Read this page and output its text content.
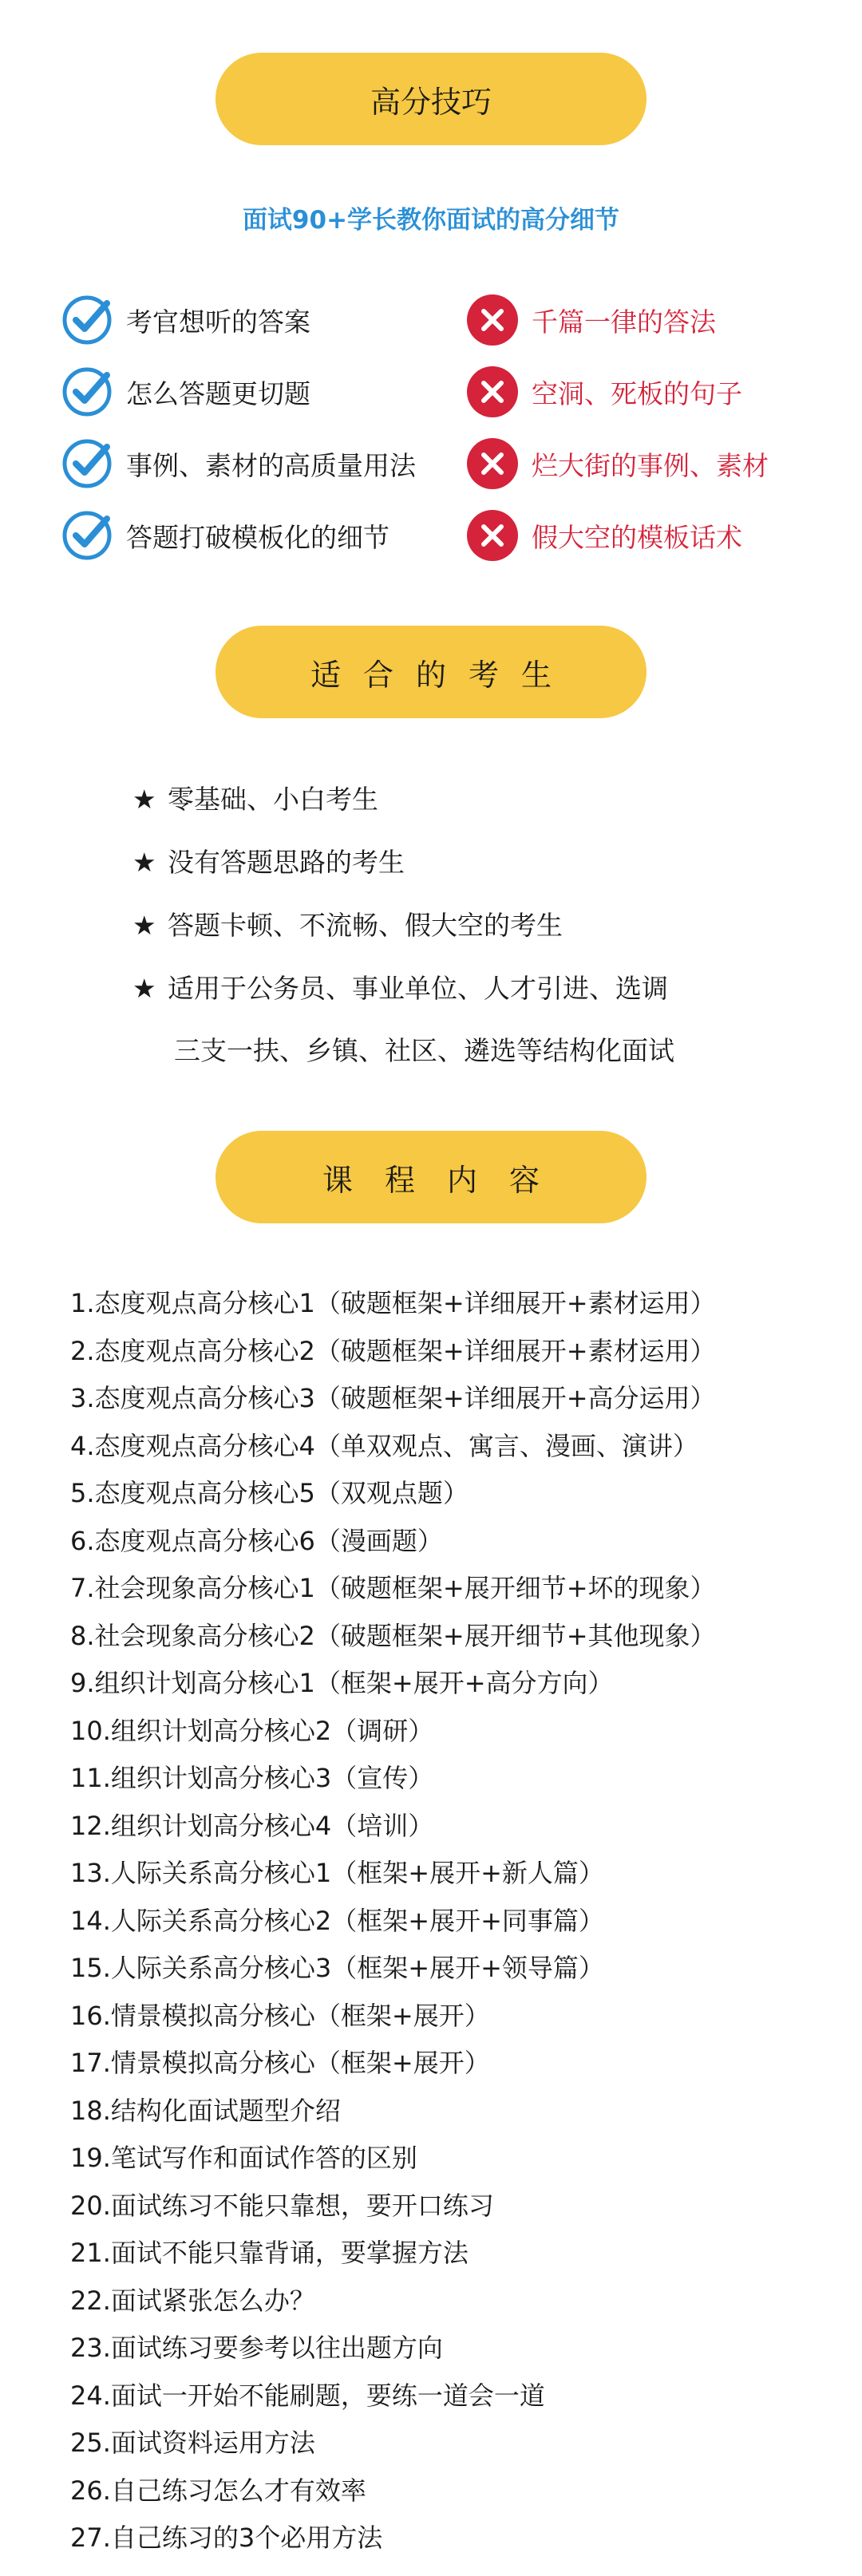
高分技巧
面试90+学长教你面试的高分细节
考官想听的答案
怎么答题更切题
事例、素材的高质量用法
答题打破模板化的细节
千篇一律的答法
空洞、死板的句子
烂大街的事例、素材
假大空的模板话术
适合的考生
★ 零基础、小白考生
★ 没有答题思路的考生
★ 答题卡顿、不流畅、假大空的考生
★ 适用于公务员、事业单位、人才引进、选调
三支一扶、乡镇、社区、遴选等结构化面试
课程内容
1.态度观点高分核心1（破题框架+详细展开+素材运用）
2.态度观点高分核心2（破题框架+详细展开+素材运用）
3.态度观点高分核心3（破题框架+详细展开+高分运用）
4.态度观点高分核心4（单双观点、寓言、漫画、演讲）
5.态度观点高分核心5（双观点题）
6.态度观点高分核心6（漫画题）
7.社会现象高分核心1（破题框架+展开细节+坏的现象）
8.社会现象高分核心2（破题框架+展开细节+其他现象）
9.组织计划高分核心1（框架+展开+高分方向）
10.组织计划高分核心2（调研）
11.组织计划高分核心3（宣传）
12.组织计划高分核心4（培训）
13.人际关系高分核心1（框架+展开+新人篇）
14.人际关系高分核心2（框架+展开+同事篇）
15.人际关系高分核心3（框架+展开+领导篇）
16.情景模拟高分核心（框架+展开）
17.情景模拟高分核心（框架+展开）
18.结构化面试题型介绍
19.笔试写作和面试作答的区别
20.面试练习不能只靠想，要开口练习
21.面试不能只靠背诵，要掌握方法
22.面试紧张怎么办？
23.面试练习要参考以往出题方向
24.面试一开始不能刷题，要练一道会一道
25.面试资料运用方法
26.自己练习怎么才有效率
27.自己练习的3个必用方法
